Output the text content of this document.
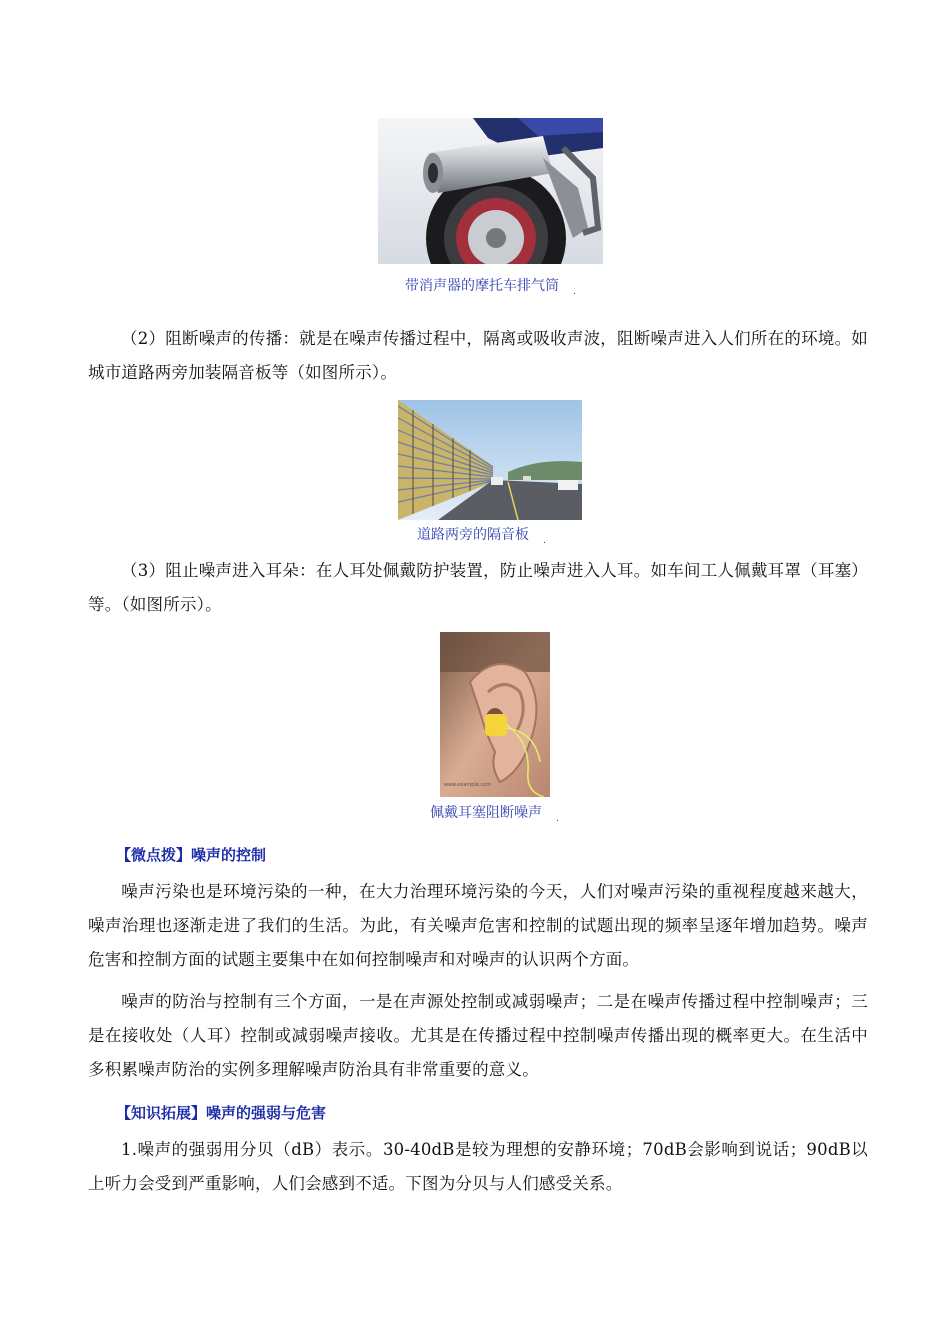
带消声器的摩托车排气筒 $_.$
（2）阻断噪声的传播：就是在噪声传播过程中，隔离或吸收声波，阻断噪声进入人们所在的环境。如城市道路两旁加装隔音板等（如图所示）。
道路两旁的隔音板 $_.$
（3）阻止噪声进入耳朵：在人耳处佩戴防护装置，防止噪声进入人耳。如车间工人佩戴耳罩（耳塞）等。（如图所示）。
www.example.com
佩戴耳塞阻断噪声 $_.$
【微点拨】噪声的控制
噪声污染也是环境污染的一种，在大力治理环境污染的今天，人们对噪声污染的重视程度越来越大，噪声治理也逐渐走进了我们的生活。为此，有关噪声危害和控制的试题出现的频率呈逐年增加趋势。噪声危害和控制方面的试题主要集中在如何控制噪声和对噪声的认识两个方面。
噪声的防治与控制有三个方面，一是在声源处控制或减弱噪声；二是在噪声传播过程中控制噪声；三是在接收处（人耳）控制或减弱噪声接收。尤其是在传播过程中控制噪声传播出现的概率更大。在生活中多积累噪声防治的实例多理解噪声防治具有非常重要的意义。
【知识拓展】噪声的强弱与危害
1.噪声的强弱用分贝（dB）表示。30-40dB是较为理想的安静环境；70dB会影响到说话；90dB以上听力会受到严重影响，人们会感到不适。下图为分贝与人们感受关系。
